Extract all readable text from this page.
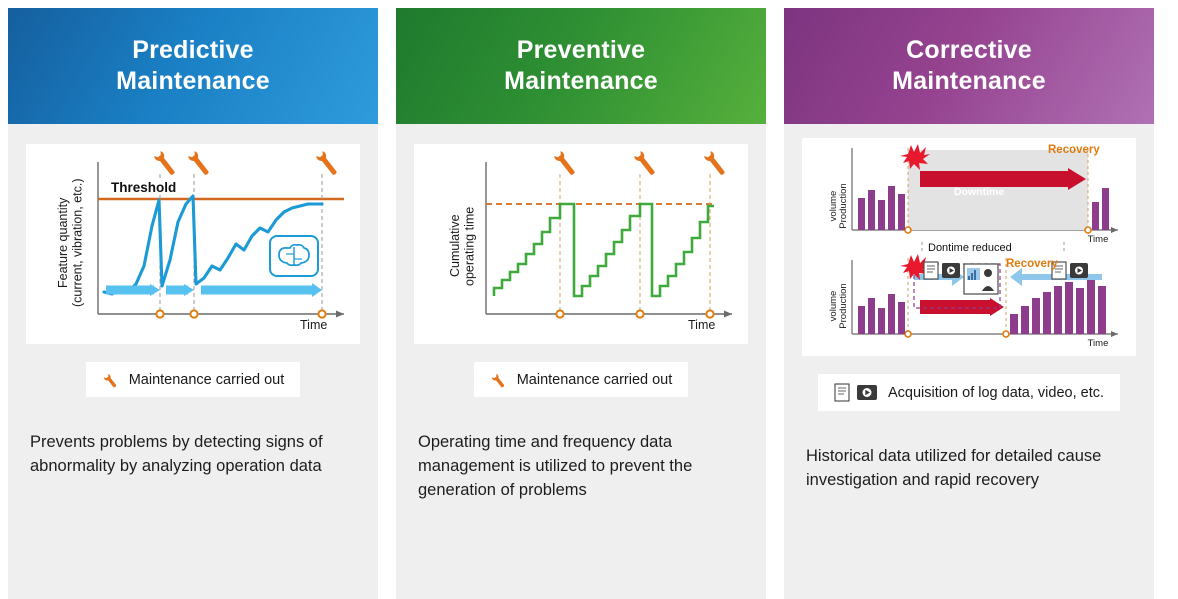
Predictive
Maintenance
Feature quantity
(current, vibration, etc.) Threshold
Time
Maintenance carried out
Prevents problems by detecting signs of abnormality by analyzing operation data
Preventive
Maintenance
Cumulative
operating time
Time
Maintenance carried out
Operating time and frequency data management is utilized to prevent the generation of problems
Corrective
Maintenance
Production
volume
Time
Production
volume
Time
Recovery
Downtime
Dontime reduced
Recovery
Downtime
Acquisition of log data, video, etc.
Historical data utilized for detailed cause investigation and rapid recovery
